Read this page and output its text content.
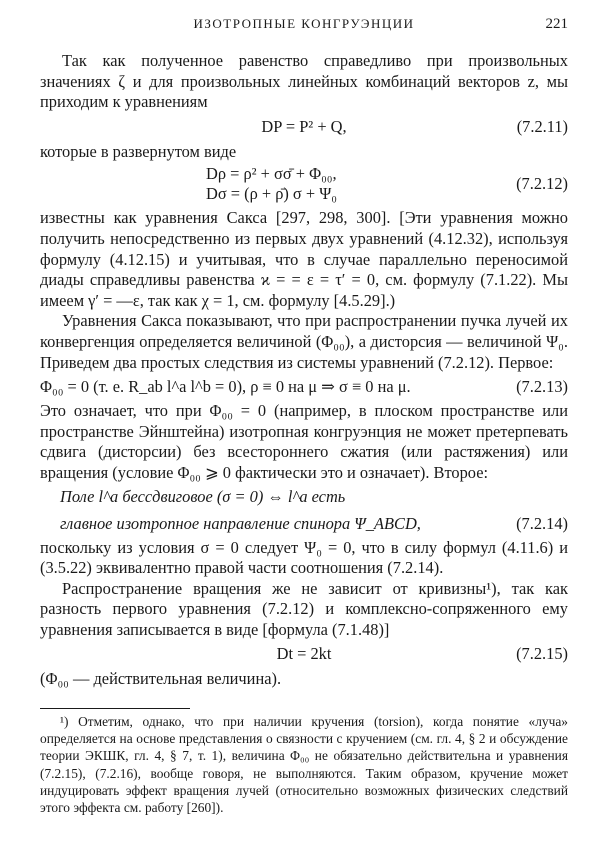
ИЗОТРОПНЫЕ КОНГРУЭНЦИИ	221

Так как полученное равенство справедливо при произвольных значениях ζ и для произвольных линейных комбинаций векторов z, мы приходим к уравнениям

DP = P² + Q,	(7.2.11)

которые в развернутом виде

Dρ = ρ² + σσ̄ + Φ₀₀,
Dσ = (ρ + ρ̄) σ + Ψ₀
(7.2.12)

известны как уравнения Сакса [297, 298, 300]. [Эти уравнения можно получить непосредственно из первых двух уравнений (4.12.32), используя формулу (4.12.15) и учитывая, что в случае параллельно переносимой диады справедливы равенства ϰ = = ε = τ′ = 0, см. формулу (7.1.22). Мы имеем γ′ = —ε, так как χ = 1, см. формулу [4.5.29].)

Уравнения Сакса показывают, что при распространении пучка лучей их конвергенция определяется величиной (Φ₀₀), а дисторсия — величиной Ψ₀. Приведем два простых следствия из системы уравнений (7.2.12). Первое:

Φ₀₀ = 0 (т. е. R_ab l^a l^b = 0), ρ ≡ 0 на μ ⇒ σ ≡ 0 на μ.	(7.2.13)

Это означает, что при Φ₀₀ = 0 (например, в плоском пространстве или пространстве Эйнштейна) изотропная конгруэнция не может претерпевать сдвига (дисторсии) без всестороннего сжатия (или растяжения) или вращения (условие Φ₀₀ ⩾ 0 фактически это и означает). Второе:

Поле l^a бессдвиговое (σ = 0) ⇔ l^a есть
главное изотропное направление спинора Ψ_ABCD,	(7.2.14)

поскольку из условия σ = 0 следует Ψ₀ = 0, что в силу формул (4.11.6) и (3.5.22) эквивалентно правой части соотношения (7.2.14).

Распространение вращения же не зависит от кривизны¹), так как разность первого уравнения (7.2.12) и комплексно-сопряженного ему уравнения записывается в виде [формула (7.1.48)]

Dt = 2kt	(7.2.15)

(Φ₀₀ — действительная величина).

¹) Отметим, однако, что при наличии кручения (torsion), когда понятие «луча» определяется на основе представления о связности с кручением (см. гл. 4, § 2 и обсуждение теории ЭКШК, гл. 4, § 7, т. 1), величина Φ₀₀ не обязательно действительна и уравнения (7.2.15), (7.2.16), вообще говоря, не выполняются. Таким образом, кручение может индуцировать эффект вращения лучей (относительно возможных физических следствий этого эффекта см. работу [260]).
